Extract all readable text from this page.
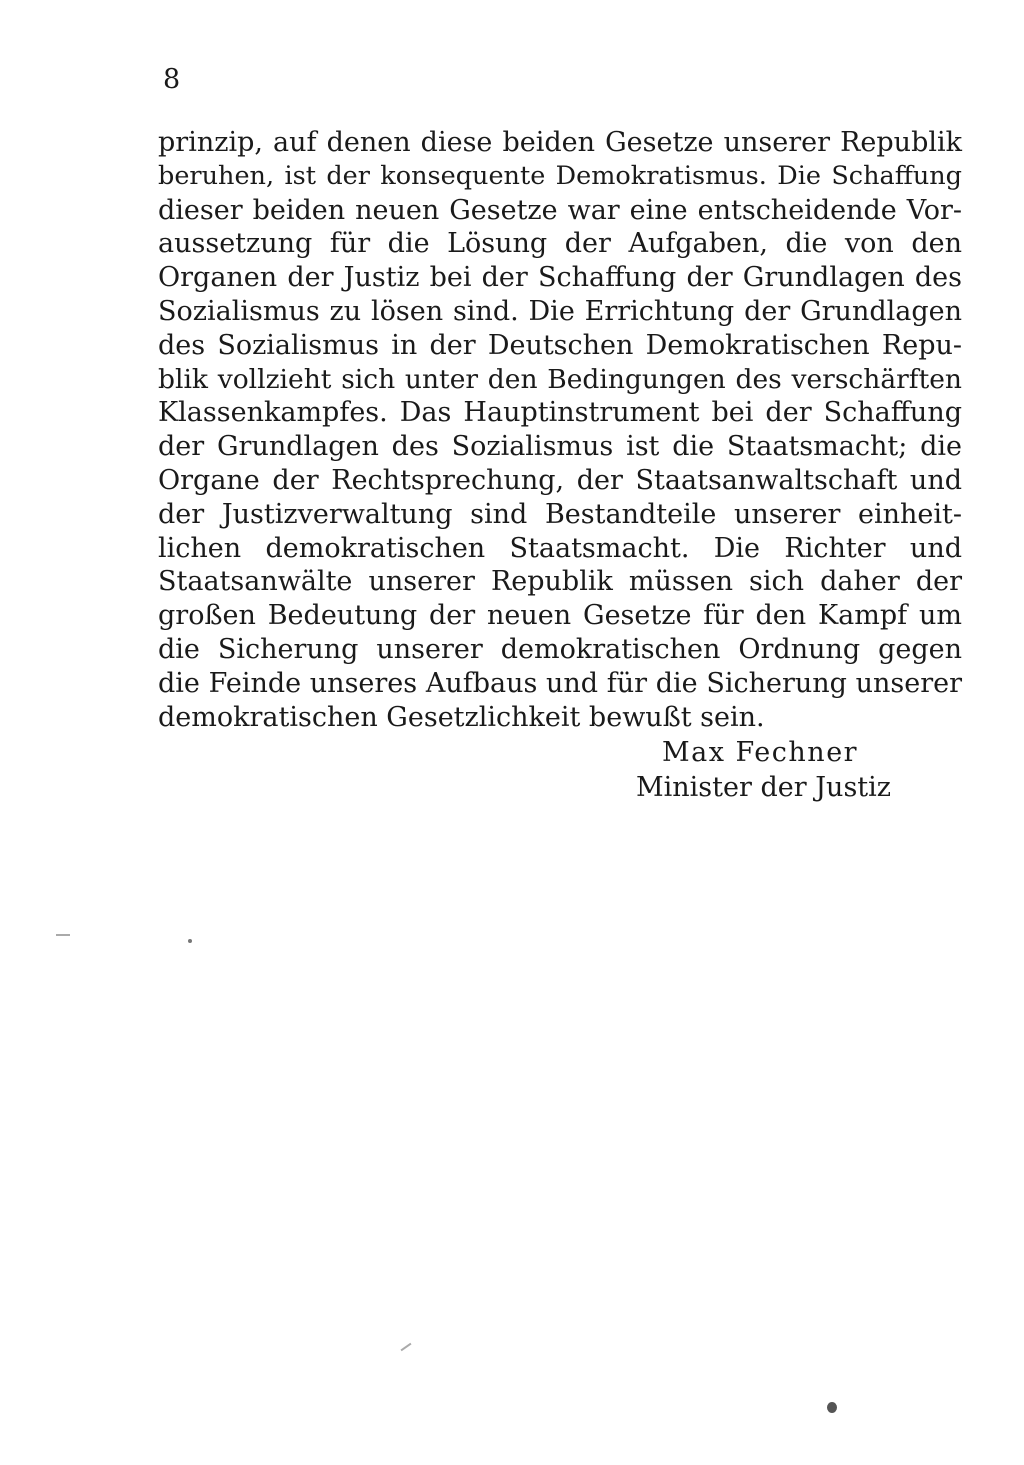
8
prinzip, auf denen diese beiden Gesetze unserer Republik
beruhen, ist der konsequente Demokratismus. Die Schaffung
dieser beiden neuen Gesetze war eine entscheidende Vor-
aussetzung für die Lösung der Aufgaben, die von den
Organen der Justiz bei der Schaffung der Grundlagen des
Sozialismus zu lösen sind. Die Errichtung der Grundlagen
des Sozialismus in der Deutschen Demokratischen Repu-
blik vollzieht sich unter den Bedingungen des verschärften
Klassenkampfes. Das Hauptinstrument bei der Schaffung
der Grundlagen des Sozialismus ist die Staatsmacht; die
Organe der Rechtsprechung, der Staatsanwaltschaft und
der Justizverwaltung sind Bestandteile unserer einheit-
lichen demokratischen Staatsmacht. Die Richter und
Staatsanwälte unserer Republik müssen sich daher der
großen Bedeutung der neuen Gesetze für den Kampf um
die Sicherung unserer demokratischen Ordnung gegen
die Feinde unseres Aufbaus und für die Sicherung unserer
demokratischen Gesetzlichkeit bewußt sein.
Max Fechner
Minister der Justiz
